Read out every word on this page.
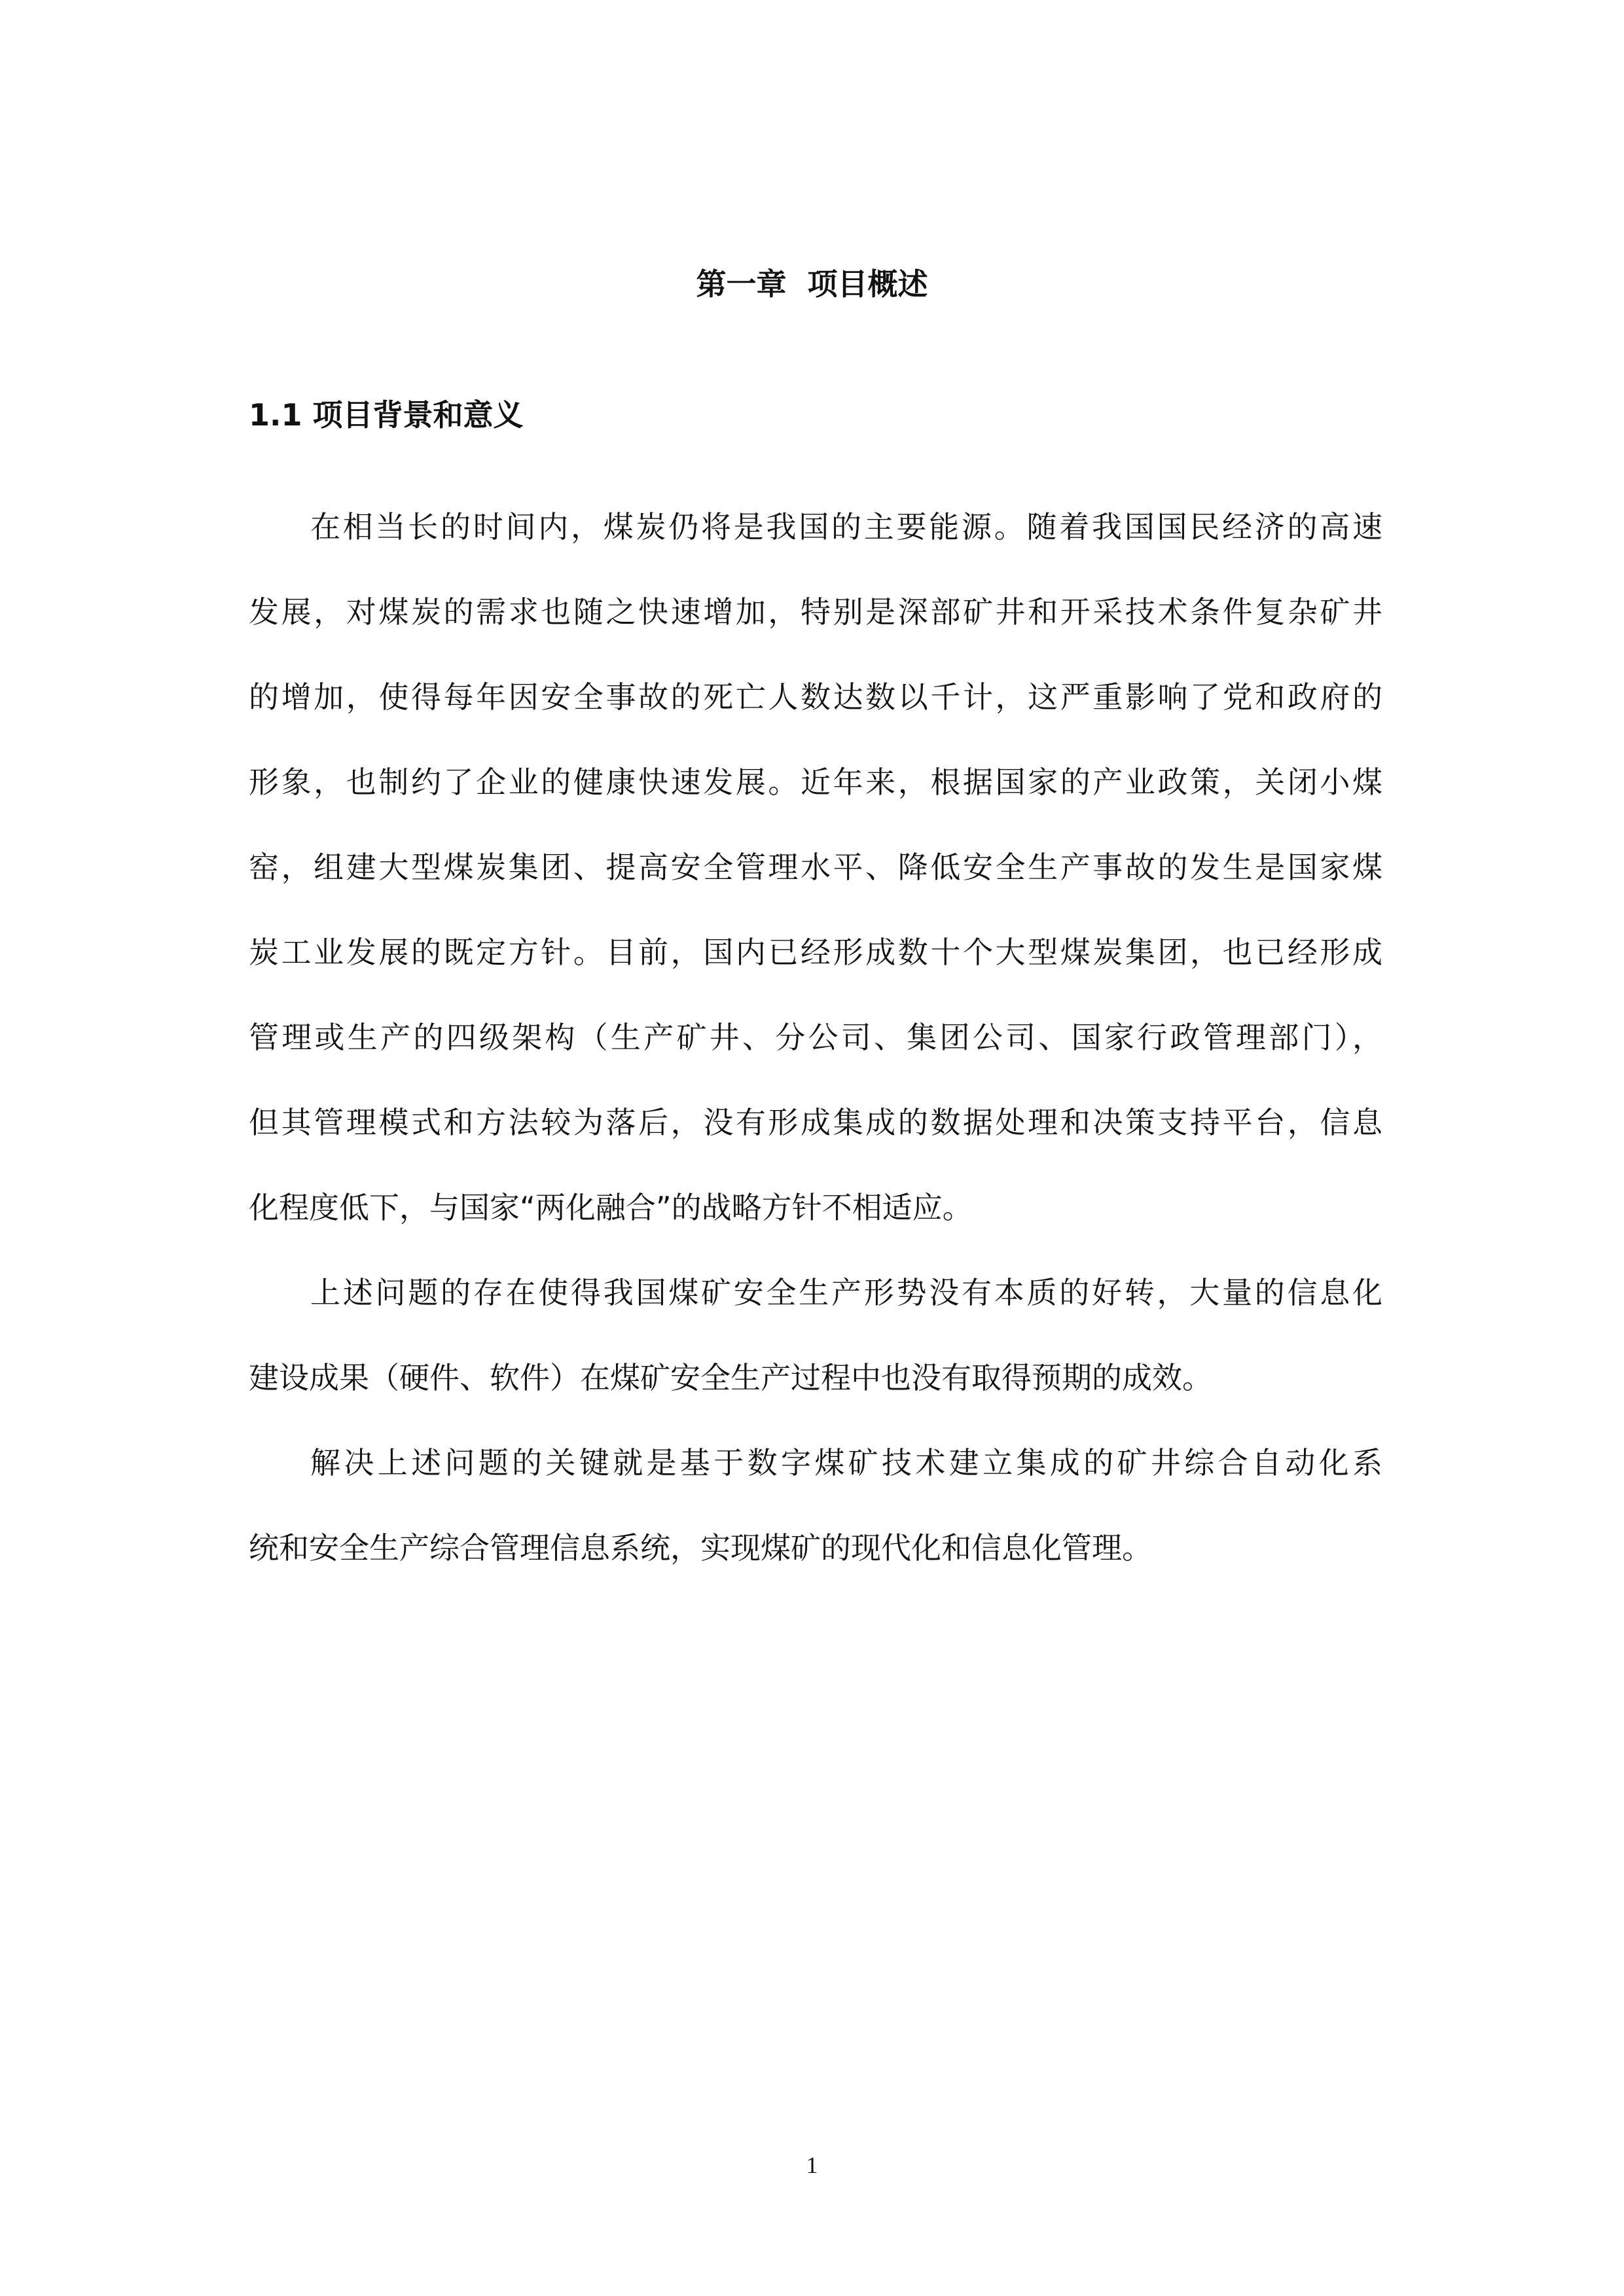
第一章  项目概述
1.1 项目背景和意义
在相当长的时间内，煤炭仍将是我国的主要能源。随着我国国民经济的高速
发展，对煤炭的需求也随之快速增加，特别是深部矿井和开采技术条件复杂矿井
的增加，使得每年因安全事故的死亡人数达数以千计，这严重影响了党和政府的
形象，也制约了企业的健康快速发展。近年来，根据国家的产业政策，关闭小煤
窑，组建大型煤炭集团、提高安全管理水平、降低安全生产事故的发生是国家煤
炭工业发展的既定方针。目前，国内已经形成数十个大型煤炭集团，也已经形成
管理或生产的四级架构（生产矿井、分公司、集团公司、国家行政管理部门），
但其管理模式和方法较为落后，没有形成集成的数据处理和决策支持平台，信息
化程度低下，与国家“两化融合”的战略方针不相适应。
上述问题的存在使得我国煤矿安全生产形势没有本质的好转，大量的信息化
建设成果（硬件、软件）在煤矿安全生产过程中也没有取得预期的成效。
解决上述问题的关键就是基于数字煤矿技术建立集成的矿井综合自动化系
统和安全生产综合管理信息系统，实现煤矿的现代化和信息化管理。
1
